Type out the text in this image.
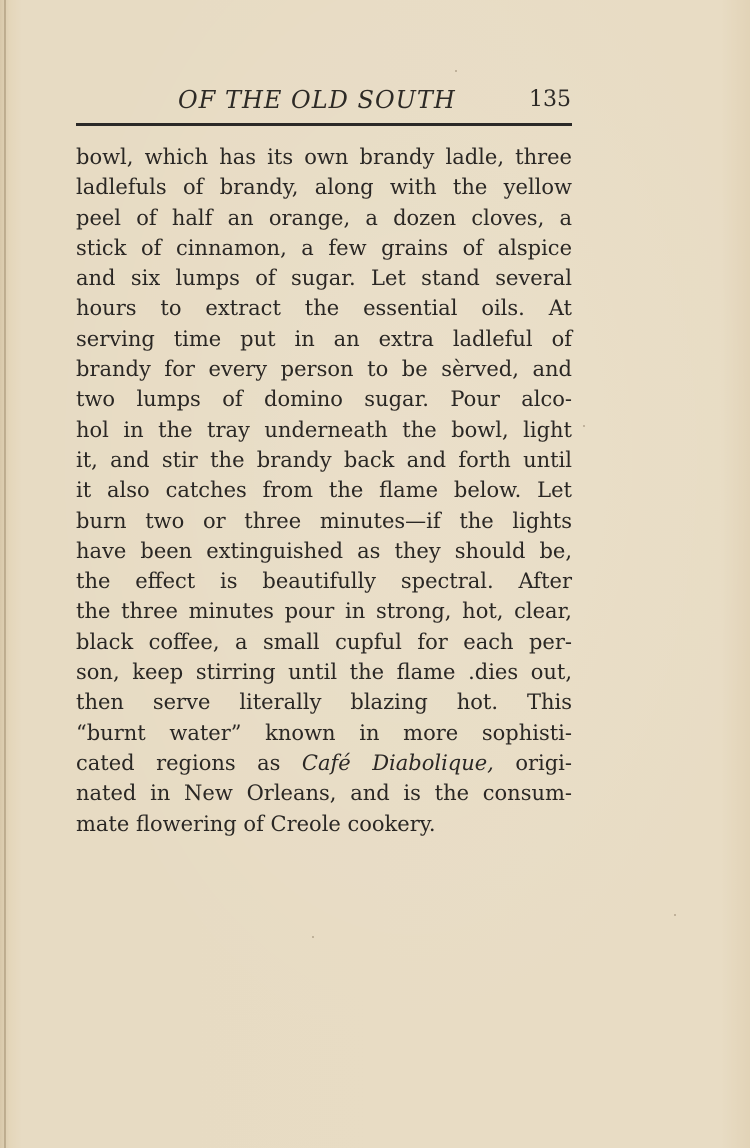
OF THE OLD SOUTH	135
bowl, which has its own brandy ladle, three
ladlefuls of brandy, along with the yellow
peel of half an orange, a dozen cloves, a
stick of cinnamon, a few grains of alspice
and six lumps of sugar. Let stand several
hours to extract the essential oils. At
serving time put in an extra ladleful of
brandy for every person to be sèrved, and
two lumps of domino sugar. Pour alco-
hol in the tray underneath the bowl, light
it, and stir the brandy back and forth until
it also catches from the flame below. Let
burn two or three minutes—if the lights
have been extinguished as they should be,
the effect is beautifully spectral. After
the three minutes pour in strong, hot, clear,
black coffee, a small cupful for each per-
son, keep stirring until the flame .dies out,
then serve literally blazing hot. This
“burnt water” known in more sophisti-
cated regions as Café Diabolique, origi-
nated in New Orleans, and is the consum-
mate flowering of Creole cookery.
